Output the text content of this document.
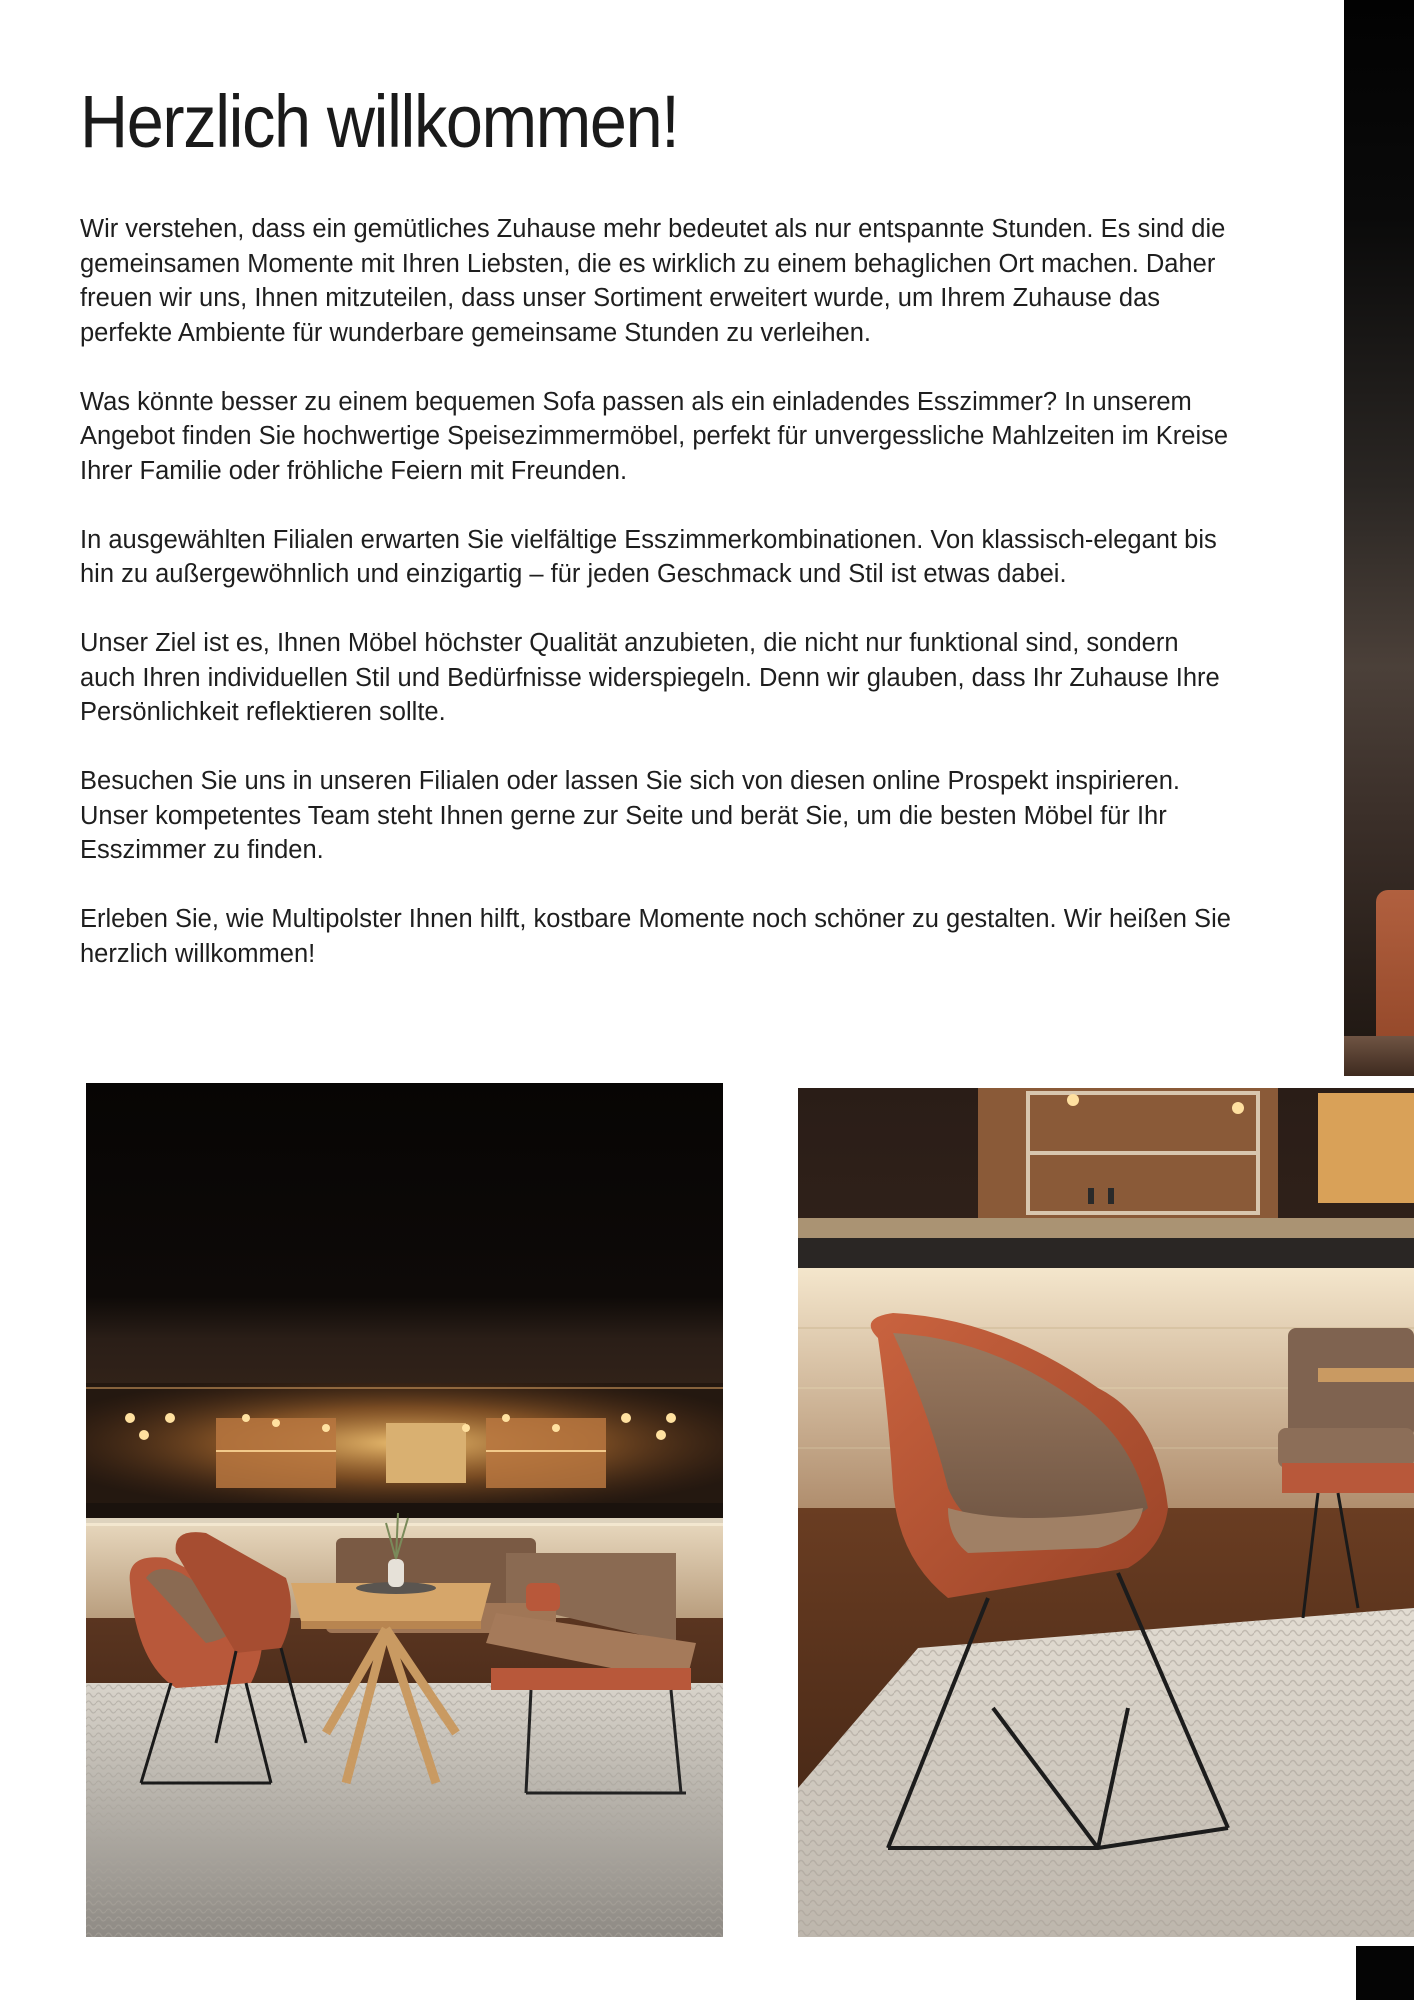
Herzlich willkommen!

Wir verstehen, dass ein gemütliches Zuhause mehr bedeutet als nur entspannte Stunden. Es sind die gemeinsamen Momente mit Ihren Liebsten, die es wirklich zu einem behaglichen Ort machen. Daher freuen wir uns, Ihnen mitzuteilen, dass unser Sortiment erweitert wurde, um Ihrem Zuhause das perfekte Ambiente für wunderbare gemeinsame Stunden zu verleihen.

Was könnte besser zu einem bequemen Sofa passen als ein einladendes Esszimmer? In unserem Angebot finden Sie hochwertige Speisezimmermöbel, perfekt für unvergessliche Mahlzeiten im Kreise Ihrer Familie oder fröhliche Feiern mit Freunden.

In ausgewählten Filialen erwarten Sie vielfältige Esszimmerkombinationen. Von klassisch-elegant bis hin zu außergewöhnlich und einzigartig – für jeden Geschmack und Stil ist etwas dabei.

Unser Ziel ist es, Ihnen Möbel höchster Qualität anzubieten, die nicht nur funktional sind, sondern auch Ihren individuellen Stil und Bedürfnisse widerspiegeln. Denn wir glauben, dass Ihr Zuhause Ihre Persönlichkeit reflektieren sollte.

Besuchen Sie uns in unseren Filialen oder lassen Sie sich von diesen online Prospekt inspirieren. Unser kompetentes Team steht Ihnen gerne zur Seite und berät Sie, um die besten Möbel für Ihr Esszimmer zu finden.

Erleben Sie, wie Multipolster Ihnen hilft, kostbare Momente noch schöner zu gestalten. Wir heißen Sie herzlich willkommen!
